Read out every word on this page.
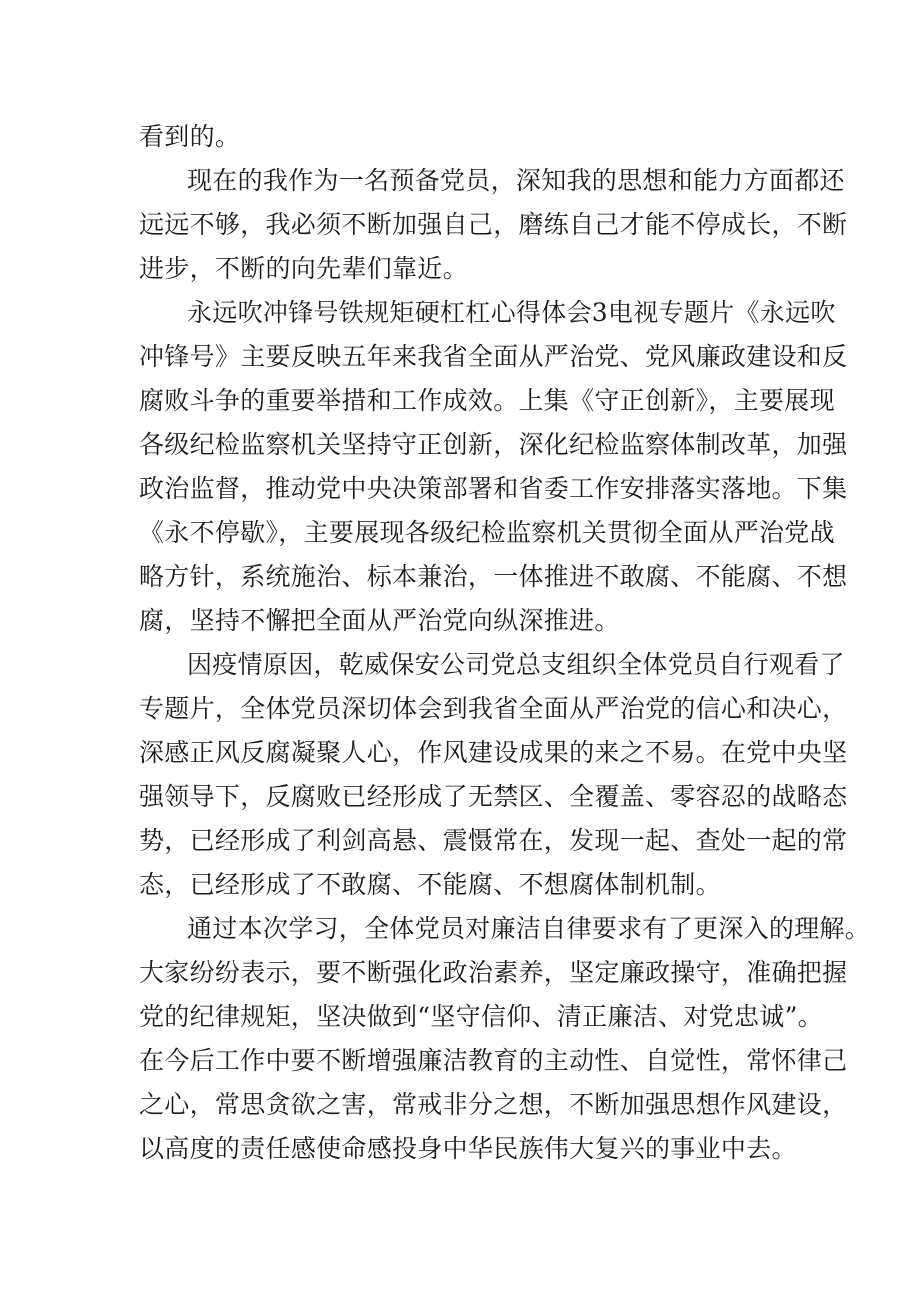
看到的。
现在的我作为一名预备党员，深知我的思想和能力方面都还
远远不够，我必须不断加强自己，磨练自己才能不停成长，不断
进步，不断的向先辈们靠近。
永远吹冲锋号铁规矩硬杠杠心得体会3电视专题片《永远吹
冲锋号》主要反映五年来我省全面从严治党、党风廉政建设和反
腐败斗争的重要举措和工作成效。上集《守正创新》，主要展现
各级纪检监察机关坚持守正创新，深化纪检监察体制改革，加强
政治监督，推动党中央决策部署和省委工作安排落实落地。下集
《永不停歇》，主要展现各级纪检监察机关贯彻全面从严治党战
略方针，系统施治、标本兼治，一体推进不敢腐、不能腐、不想
腐，坚持不懈把全面从严治党向纵深推进。
因疫情原因，乾威保安公司党总支组织全体党员自行观看了
专题片，全体党员深切体会到我省全面从严治党的信心和决心，
深感正风反腐凝聚人心，作风建设成果的来之不易。在党中央坚
强领导下，反腐败已经形成了无禁区、全覆盖、零容忍的战略态
势，已经形成了利剑高悬、震慑常在，发现一起、查处一起的常
态，已经形成了不敢腐、不能腐、不想腐体制机制。
通过本次学习，全体党员对廉洁自律要求有了更深入的理解。
大家纷纷表示，要不断强化政治素养，坚定廉政操守，准确把握
党的纪律规矩，坚决做到“坚守信仰、清正廉洁、对党忠诚”。
在今后工作中要不断增强廉洁教育的主动性、自觉性，常怀律己
之心，常思贪欲之害，常戒非分之想，不断加强思想作风建设，
以高度的责任感使命感投身中华民族伟大复兴的事业中去。
